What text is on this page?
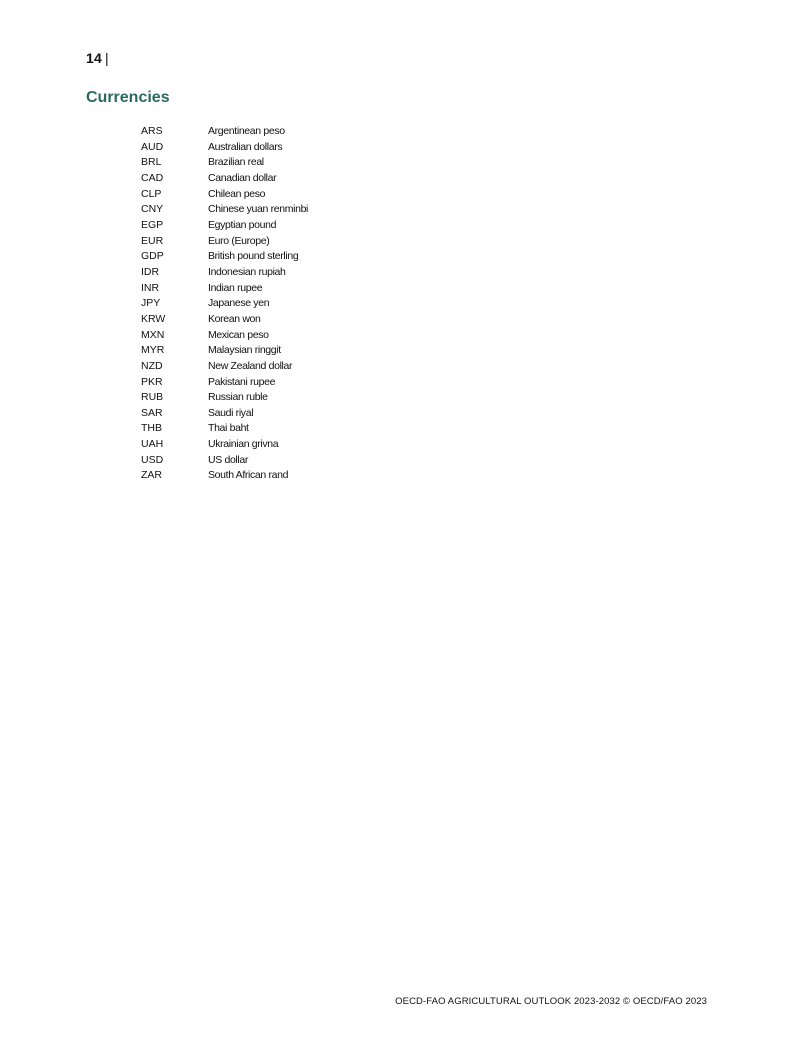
14 |
Currencies
ARS	Argentinean peso
AUD	Australian dollars
BRL	Brazilian real
CAD	Canadian dollar
CLP	Chilean peso
CNY	Chinese yuan renminbi
EGP	Egyptian pound
EUR	Euro (Europe)
GDP	British pound sterling
IDR	Indonesian rupiah
INR	Indian rupee
JPY	Japanese yen
KRW	Korean won
MXN	Mexican peso
MYR	Malaysian ringgit
NZD	New Zealand dollar
PKR	Pakistani rupee
RUB	Russian ruble
SAR	Saudi riyal
THB	Thai baht
UAH	Ukrainian grivna
USD	US dollar
ZAR	South African rand
OECD-FAO AGRICULTURAL OUTLOOK 2023-2032 © OECD/FAO 2023
